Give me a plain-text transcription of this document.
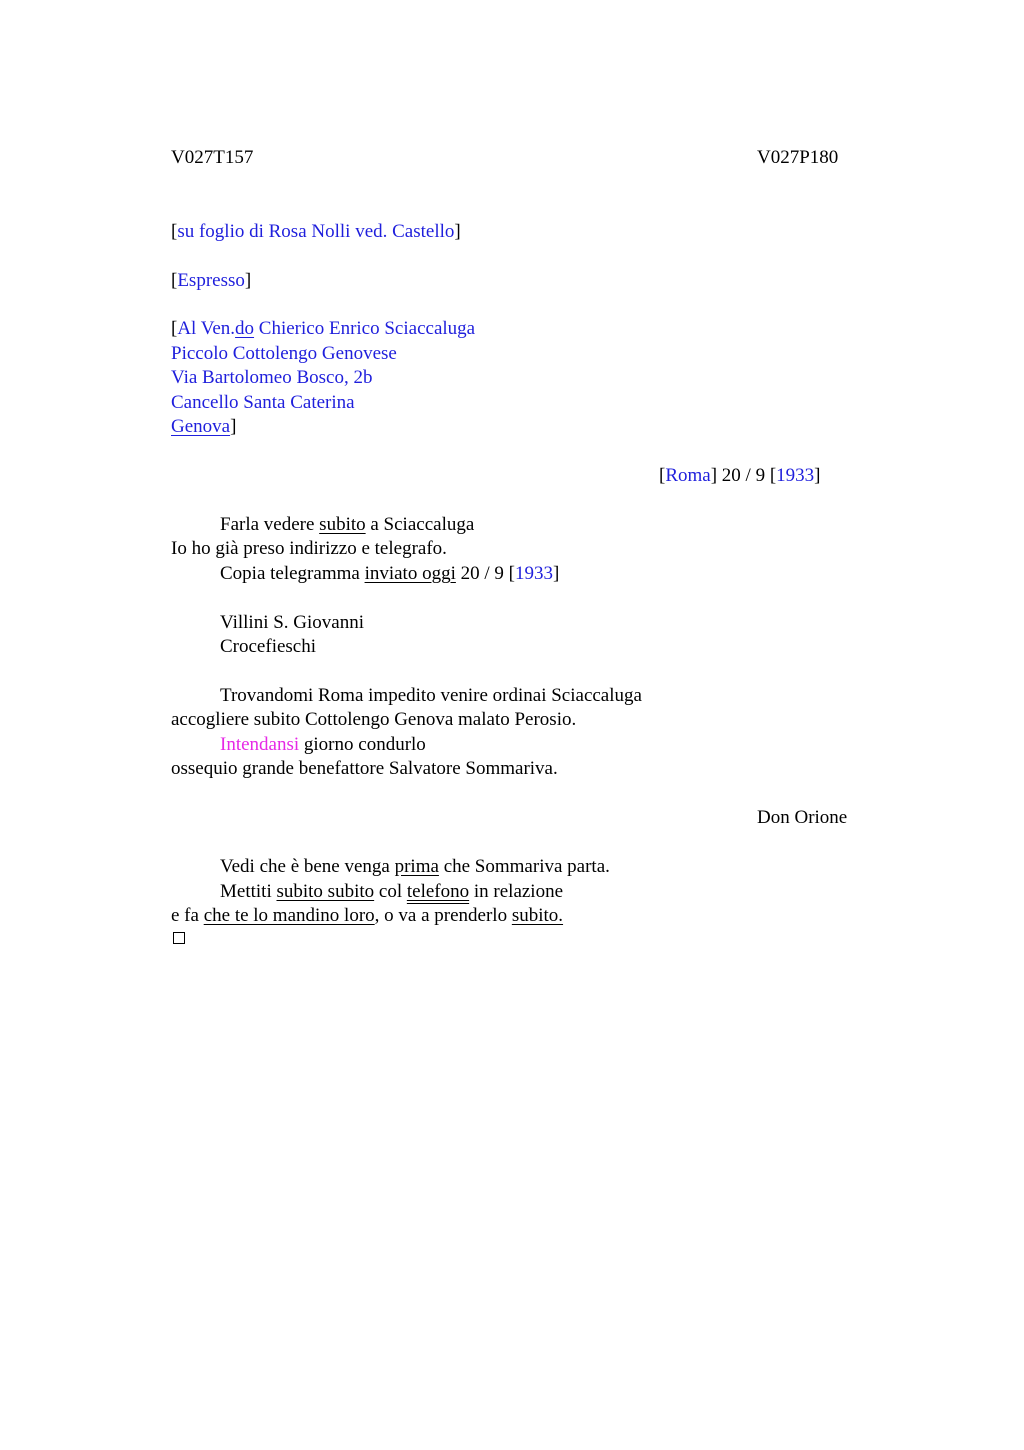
V027T157	V027P180
[su foglio di Rosa Nolli ved. Castello]
[Espresso]
[Al Ven.do Chierico Enrico Sciaccaluga
Piccolo Cottolengo Genovese
Via Bartolomeo Bosco, 2b
Cancello Santa Caterina
Genova]
[Roma] 20 / 9 [1933]
Farla vedere subito a Sciaccaluga
Io ho già preso indirizzo e telegrafo.
Copia telegramma inviato oggi 20 / 9 [1933]
Villini S. Giovanni
Crocefieschi
Trovandomi Roma impedito venire ordinai Sciaccaluga
accogliere subito Cottolengo Genova malato Perosio.
Intendansi giorno condurlo
ossequio grande benefattore Salvatore Sommariva.
Don Orione
Vedi che è bene venga prima che Sommariva parta.
Mettiti subito subito col telefono in relazione
e fa che te lo mandino loro, o va a prenderlo subito.
